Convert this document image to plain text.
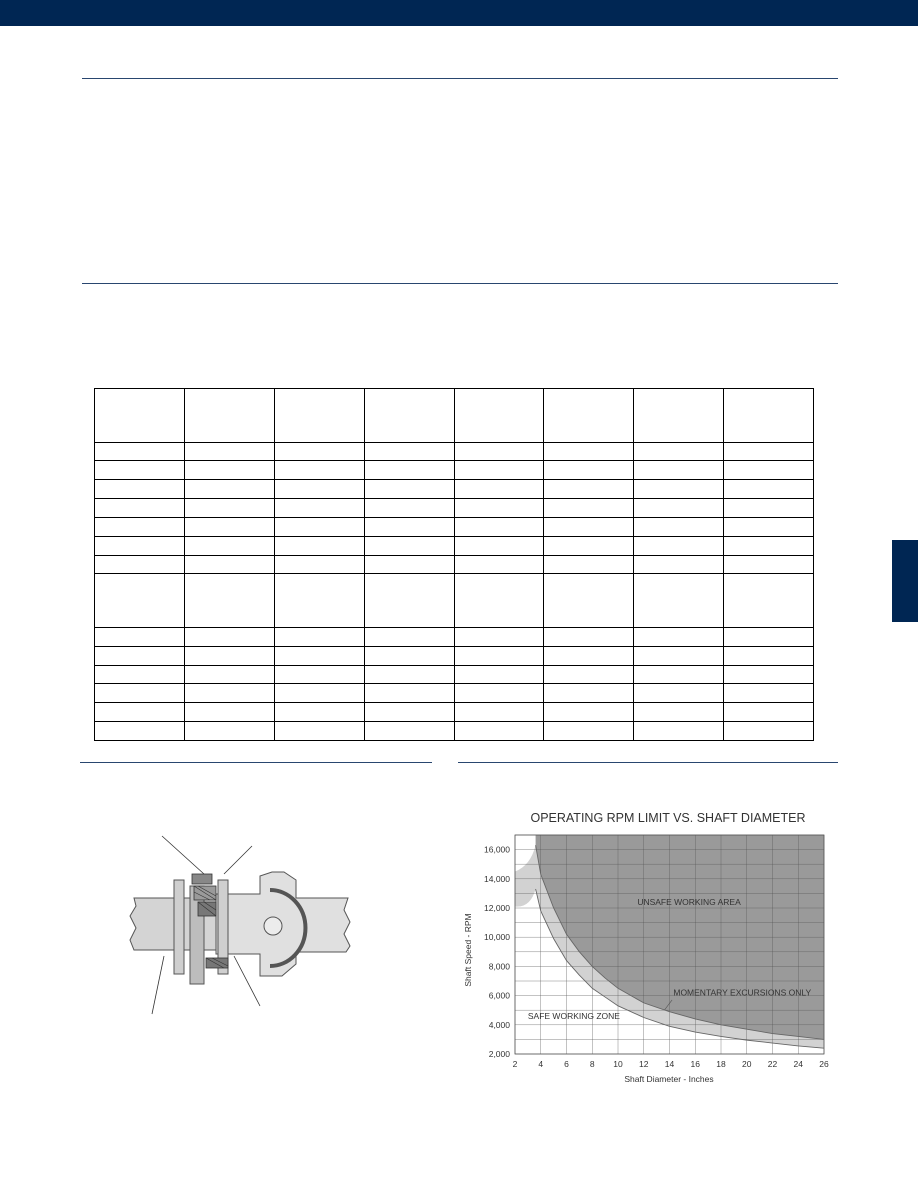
OPERATING RPM LIMIT VS. SHAFT DIAMETER
Shaft Speed - RPM
Shaft Diameter - Inches
2 4 6 8 10 12 14 16 18 20 22 24 26
2,000
4,000
6,000
8,000
10,000
12,000
14,000
16,000
UNSAFE WORKING AREA
MOMENTARY EXCURSIONS ONLY
SAFE WORKING ZONE
